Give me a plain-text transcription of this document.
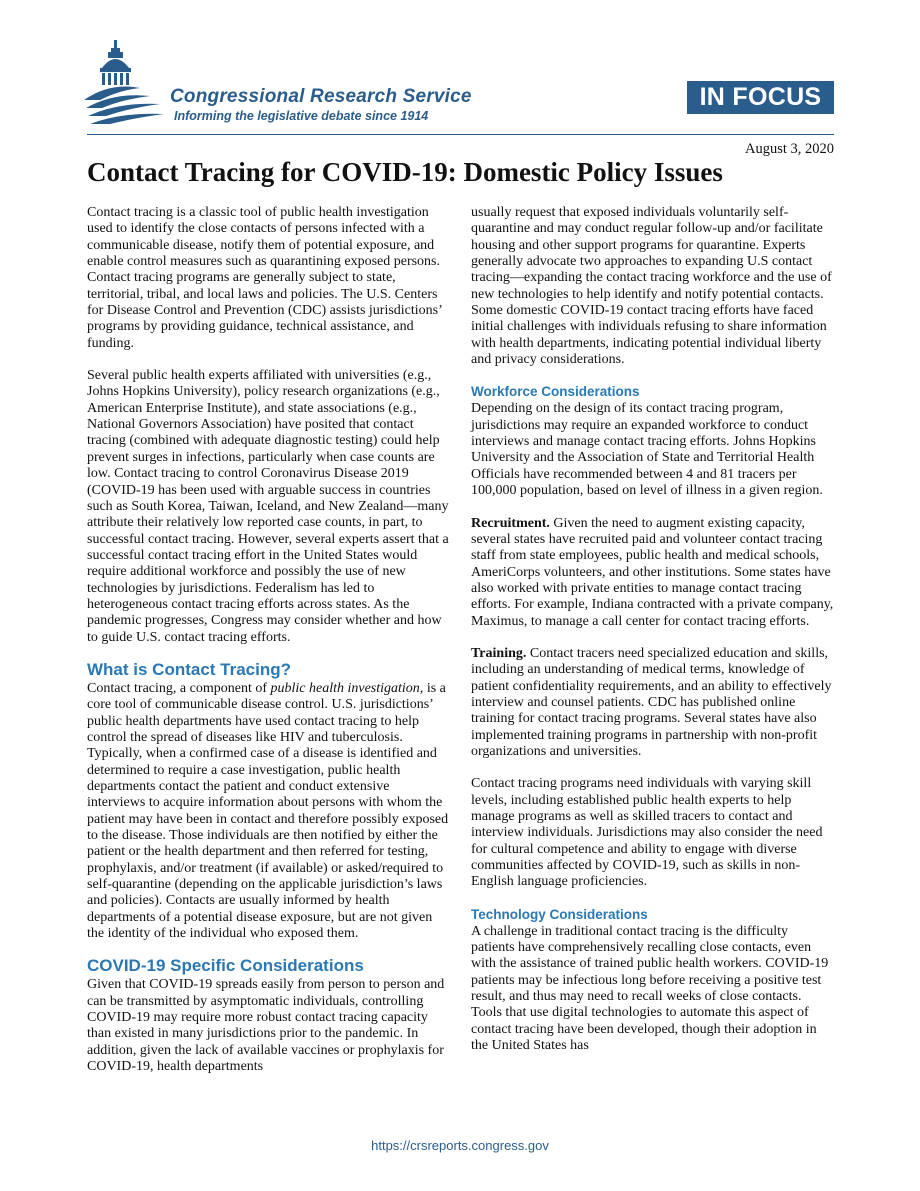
Congressional Research Service
Informing the legislative debate since 1914
IN FOCUS
August 3, 2020
Contact Tracing for COVID-19: Domestic Policy Issues

Contact tracing is a classic tool of public health investigation used to identify the close contacts of persons infected with a communicable disease, notify them of potential exposure, and enable control measures such as quarantining exposed persons. Contact tracing programs are generally subject to state, territorial, tribal, and local laws and policies. The U.S. Centers for Disease Control and Prevention (CDC) assists jurisdictions’ programs by providing guidance, technical assistance, and funding.

Several public health experts affiliated with universities (e.g., Johns Hopkins University), policy research organizations (e.g., American Enterprise Institute), and state associations (e.g., National Governors Association) have posited that contact tracing (combined with adequate diagnostic testing) could help prevent surges in infections, particularly when case counts are low. Contact tracing to control Coronavirus Disease 2019 (COVID-19 has been used with arguable success in countries such as South Korea, Taiwan, Iceland, and New Zealand—many attribute their relatively low reported case counts, in part, to successful contact tracing. However, several experts assert that a successful contact tracing effort in the United States would require additional workforce and possibly the use of new technologies by jurisdictions. Federalism has led to heterogeneous contact tracing efforts across states. As the pandemic progresses, Congress may consider whether and how to guide U.S. contact tracing efforts.

What is Contact Tracing?

Contact tracing, a component of public health investigation, is a core tool of communicable disease control. U.S. jurisdictions’ public health departments have used contact tracing to help control the spread of diseases like HIV and tuberculosis. Typically, when a confirmed case of a disease is identified and determined to require a case investigation, public health departments contact the patient and conduct extensive interviews to acquire information about persons with whom the patient may have been in contact and therefore possibly exposed to the disease. Those individuals are then notified by either the patient or the health department and then referred for testing, prophylaxis, and/or treatment (if available) or asked/required to self-quarantine (depending on the applicable jurisdiction’s laws and policies). Contacts are usually informed by health departments of a potential disease exposure, but are not given the identity of the individual who exposed them.

COVID-19 Specific Considerations

Given that COVID-19 spreads easily from person to person and can be transmitted by asymptomatic individuals, controlling COVID-19 may require more robust contact tracing capacity than existed in many jurisdictions prior to the pandemic. In addition, given the lack of available vaccines or prophylaxis for COVID-19, health departments

usually request that exposed individuals voluntarily self-quarantine and may conduct regular follow-up and/or facilitate housing and other support programs for quarantine. Experts generally advocate two approaches to expanding U.S contact tracing—expanding the contact tracing workforce and the use of new technologies to help identify and notify potential contacts. Some domestic COVID-19 contact tracing efforts have faced initial challenges with individuals refusing to share information with health departments, indicating potential individual liberty and privacy considerations.

Workforce Considerations

Depending on the design of its contact tracing program, jurisdictions may require an expanded workforce to conduct interviews and manage contact tracing efforts. Johns Hopkins University and the Association of State and Territorial Health Officials have recommended between 4 and 81 tracers per 100,000 population, based on level of illness in a given region.

Recruitment. Given the need to augment existing capacity, several states have recruited paid and volunteer contact tracing staff from state employees, public health and medical schools, AmeriCorps volunteers, and other institutions. Some states have also worked with private entities to manage contact tracing efforts. For example, Indiana contracted with a private company, Maximus, to manage a call center for contact tracing efforts.

Training. Contact tracers need specialized education and skills, including an understanding of medical terms, knowledge of patient confidentiality requirements, and an ability to effectively interview and counsel patients. CDC has published online training for contact tracing programs. Several states have also implemented training programs in partnership with non-profit organizations and universities.

Contact tracing programs need individuals with varying skill levels, including established public health experts to help manage programs as well as skilled tracers to contact and interview individuals. Jurisdictions may also consider the need for cultural competence and ability to engage with diverse communities affected by COVID-19, such as skills in non-English language proficiencies.

Technology Considerations

A challenge in traditional contact tracing is the difficulty patients have comprehensively recalling close contacts, even with the assistance of trained public health workers. COVID-19 patients may be infectious long before receiving a positive test result, and thus may need to recall weeks of close contacts. Tools that use digital technologies to automate this aspect of contact tracing have been developed, though their adoption in the United States has

https://crsreports.congress.gov
